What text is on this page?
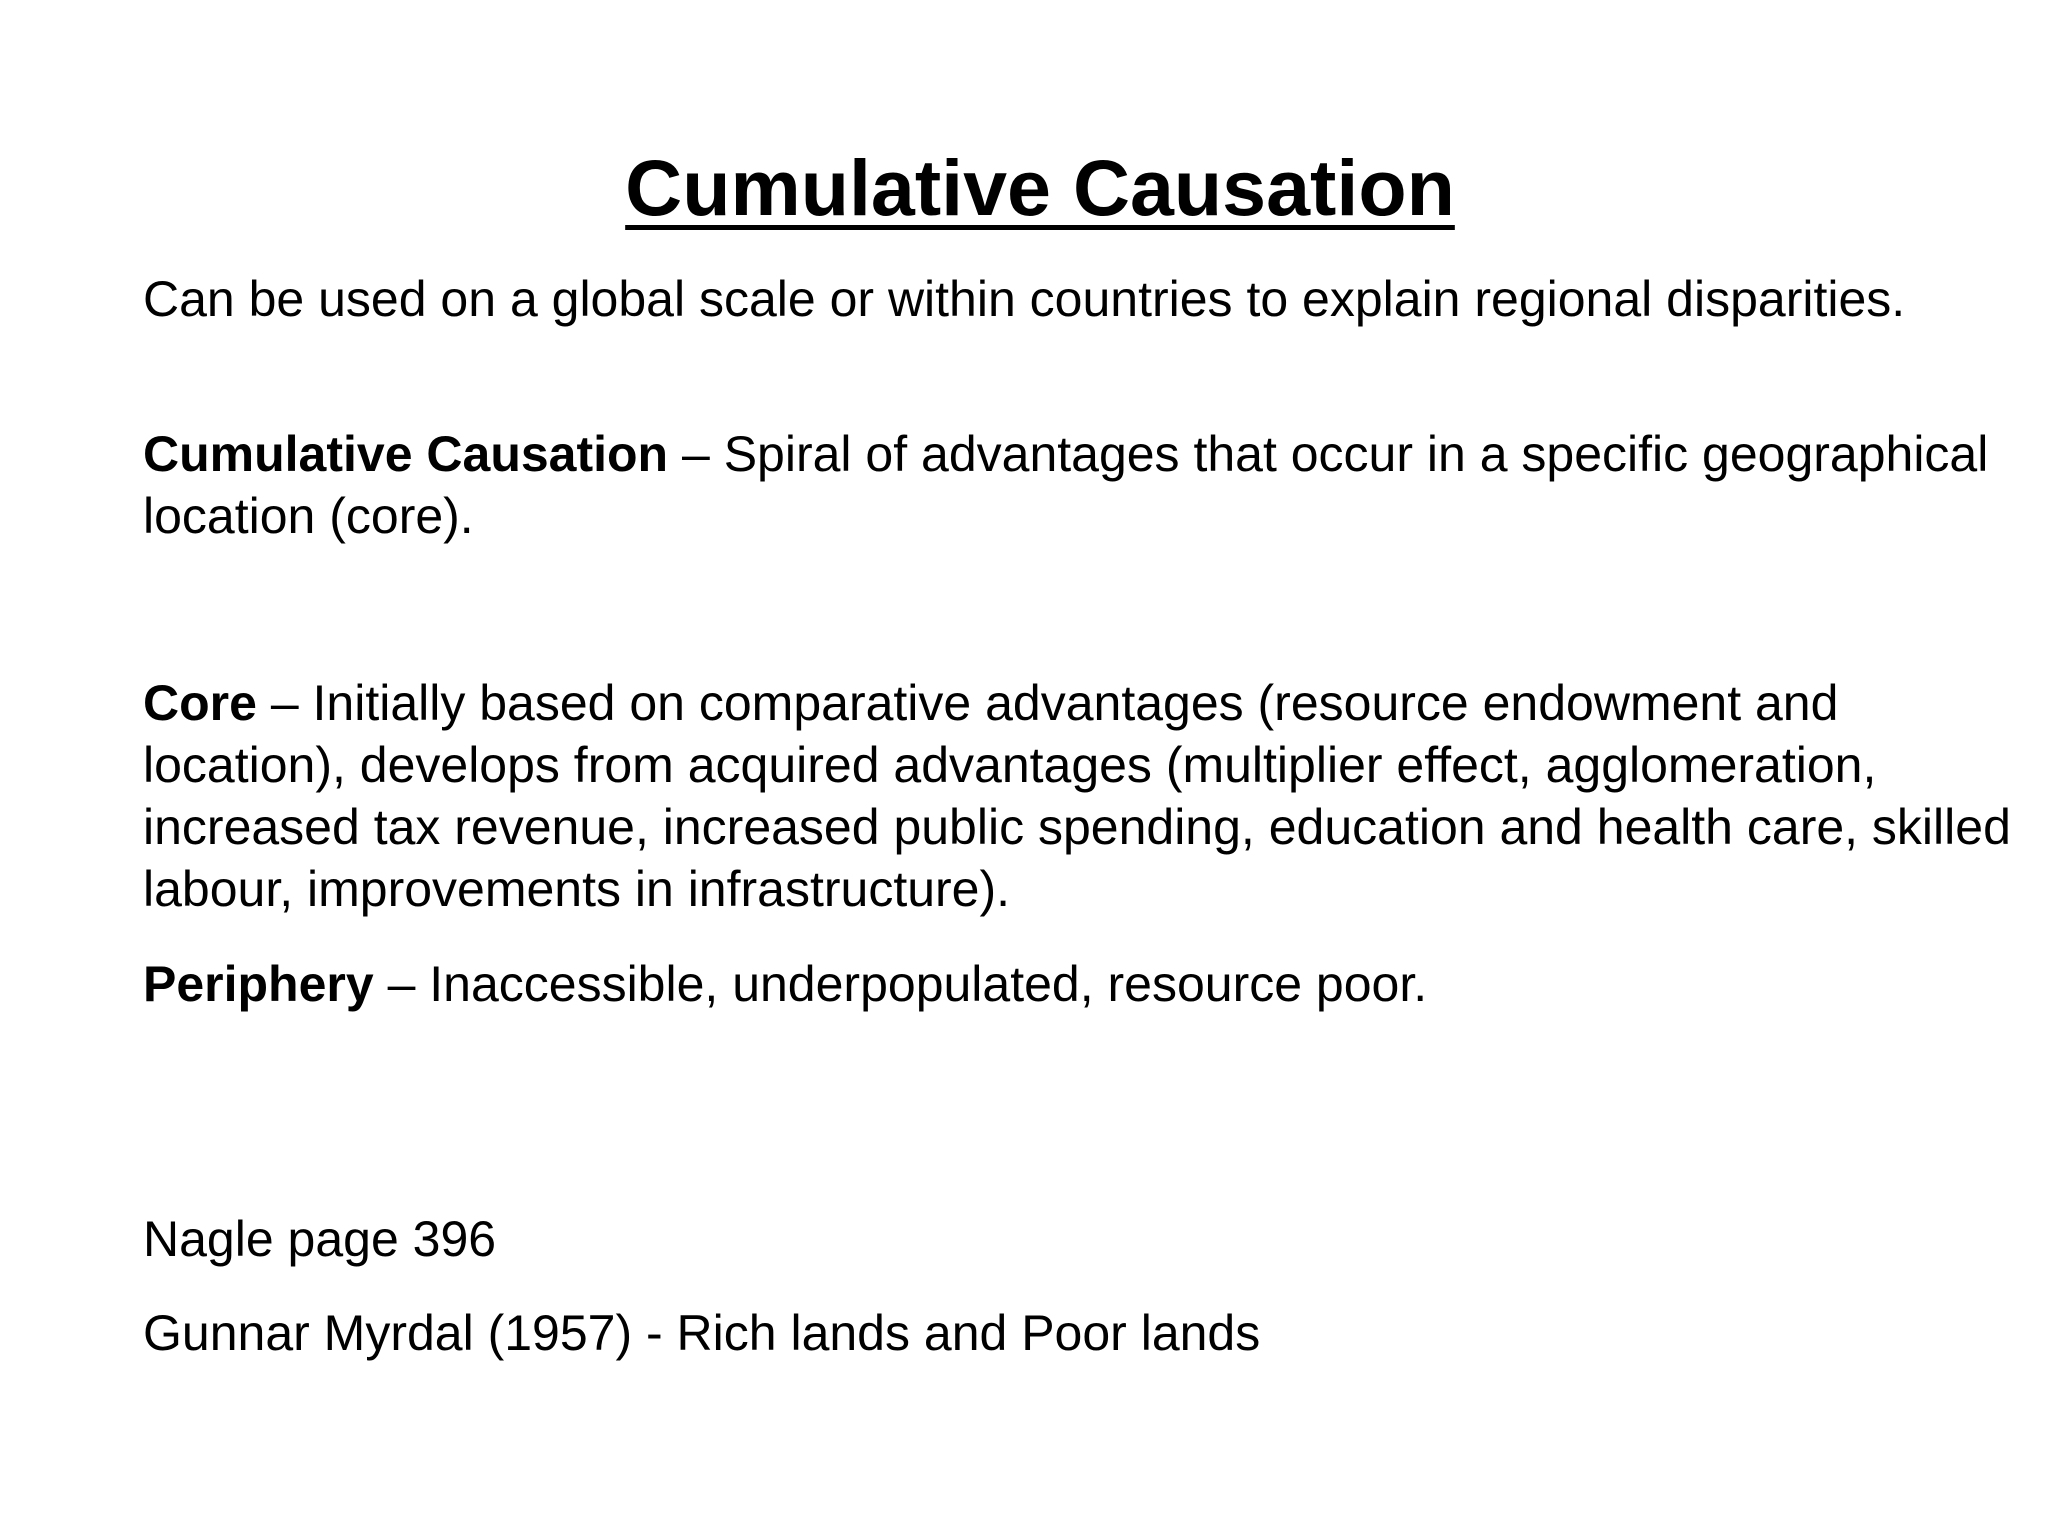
Cumulative Causation

Can be used on a global scale or within countries to explain regional disparities.

Cumulative Causation – Spiral of advantages that occur in a specific geographical location (core).

Core – Initially based on comparative advantages (resource endowment and location), develops from acquired advantages (multiplier effect, agglomeration, increased tax revenue, increased public spending, education and health care, skilled labour, improvements in infrastructure).

Periphery – Inaccessible, underpopulated, resource poor.

Nagle page 396

Gunnar Myrdal (1957) - Rich lands and Poor lands
